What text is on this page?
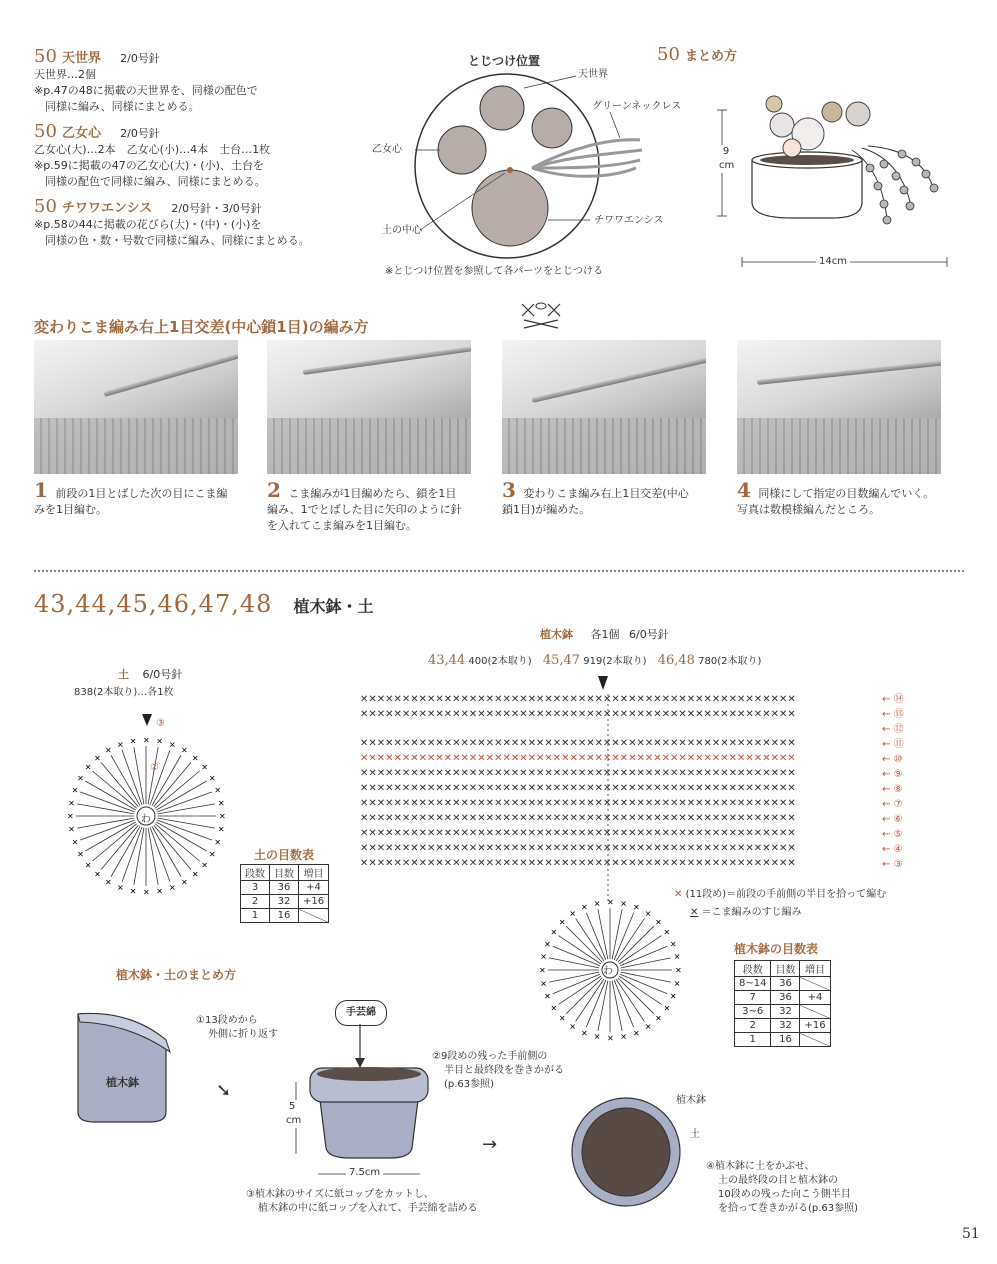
50 天世界 2/0号針
天世界…2個
※p.47の48に掲載の天世界を、同様の配色で
　同様に編み、同様にまとめる。
50 乙女心 2/0号針
乙女心(大)…2本　乙女心(小)…4本　土台…1枚
※p.59に掲載の47の乙女心(大)・(小)、土台を
　同様の配色で同様に編み、同様にまとめる。
50 チワワエンシス 2/0号針・3/0号針
※p.58の44に掲載の花びら(大)・(中)・(小)を
　同様の色・数・号数で同様に編み、同様にまとめる。
とじつけ位置
天世界
グリーンネックレス
乙女心
土の中心
チワワエンシス
※とじつけ位置を参照して各パーツをとじつける
50 まとめ方
9
cm
14cm
変わりこま編み右上1目交差(中心鎖1目)の編み方
1 前段の1目とばした次の目にこま編
みを1目編む。
2 こま編みが1目編めたら、鎖を1目
編み、1でとばした目に矢印のように針
を入れてこま編みを1目編む。
3 変わりこま編み右上1目交差(中心
鎖1目)が編めた。
4 同様にして指定の目数編んでいく。
写真は数模様編んだところ。
43,44,45,46,47,48 植木鉢・土
植木鉢 各1個 6/0号針
43,44 400(2本取り) 45,47 919(2本取り) 46,48 780(2本取り)
✕✕✕✕✕✕✕✕✕✕✕✕✕✕✕✕✕✕✕✕✕✕✕✕✕✕✕✕✕✕✕✕✕✕✕✕✕✕✕✕✕✕✕✕✕✕✕✕✕✕✕✕
✕✕✕✕✕✕✕✕✕✕✕✕✕✕✕✕✕✕✕✕✕✕✕✕✕✕✕✕✕✕✕✕✕✕✕✕✕✕✕✕✕✕✕✕✕✕✕✕✕✕✕✕
✕✕✕✕✕✕✕✕✕✕✕✕✕✕✕✕✕✕✕✕✕✕✕✕✕✕✕✕✕✕✕✕✕✕✕✕✕✕✕✕✕✕✕✕✕✕✕✕✕✕✕✕
✕✕✕✕✕✕✕✕✕✕✕✕✕✕✕✕✕✕✕✕✕✕✕✕✕✕✕✕✕✕✕✕✕✕✕✕✕✕✕✕✕✕✕✕✕✕✕✕✕✕✕✕
✕✕✕✕✕✕✕✕✕✕✕✕✕✕✕✕✕✕✕✕✕✕✕✕✕✕✕✕✕✕✕✕✕✕✕✕✕✕✕✕✕✕✕✕✕✕✕✕✕✕✕✕
✕✕✕✕✕✕✕✕✕✕✕✕✕✕✕✕✕✕✕✕✕✕✕✕✕✕✕✕✕✕✕✕✕✕✕✕✕✕✕✕✕✕✕✕✕✕✕✕✕✕✕✕
✕✕✕✕✕✕✕✕✕✕✕✕✕✕✕✕✕✕✕✕✕✕✕✕✕✕✕✕✕✕✕✕✕✕✕✕✕✕✕✕✕✕✕✕✕✕✕✕✕✕✕✕
✕✕✕✕✕✕✕✕✕✕✕✕✕✕✕✕✕✕✕✕✕✕✕✕✕✕✕✕✕✕✕✕✕✕✕✕✕✕✕✕✕✕✕✕✕✕✕✕✕✕✕✕
✕✕✕✕✕✕✕✕✕✕✕✕✕✕✕✕✕✕✕✕✕✕✕✕✕✕✕✕✕✕✕✕✕✕✕✕✕✕✕✕✕✕✕✕✕✕✕✕✕✕✕✕
✕✕✕✕✕✕✕✕✕✕✕✕✕✕✕✕✕✕✕✕✕✕✕✕✕✕✕✕✕✕✕✕✕✕✕✕✕✕✕✕✕✕✕✕✕✕✕✕✕✕✕✕
✕✕✕✕✕✕✕✕✕✕✕✕✕✕✕✕✕✕✕✕✕✕✕✕✕✕✕✕✕✕✕✕✕✕✕✕✕✕✕✕✕✕✕✕✕✕✕✕✕✕✕✕
← ⑭
← ⑬
← ⑫
← ⑪
← ⑩
← ⑨
← ⑧
← ⑦
← ⑥
← ⑤
← ④
← ③
✕ (11段め)＝前段の手前側の半目を拾って編む
✕ ＝こま編みのすじ編み
✕
✕
✕
✕
✕
✕
✕
✕
✕
✕
✕
✕
✕
✕
✕
✕
✕
✕
✕
✕
✕
✕
✕ ✕ ✕ ✕ ✕
✕
✕
✕
✕
✕
わ
植木鉢の目数表
段数	目数	増目
8~14	36	
7	36	+4
3~6	32	
2	32	+16
1	16	
土 6/0号針
838(2本取り)…各1枚
✕
✕
✕
✕
✕
✕
✕
✕
✕
✕
✕
✕
✕
✕
✕
✕
✕
✕
✕
✕
✕
✕
✕
✕
✕
✕ ✕ ✕ ✕ ✕
✕
✕
✕
✕
✕
✕
わ
③
②
土の目数表
段数	目数	増目
3	36	+4
2	32	+16
1	16	
植木鉢・土のまとめ方
植木鉢
①13段めから
外側に折り返す
➘
手芸綿
5
cm
7.5cm
②9段めの残った手前側の
半目と最終段を巻きかがる
(p.63参照)
③植木鉢のサイズに紙コップをカットし、
植木鉢の中に紙コップを入れて、手芸綿を詰める
→
植木鉢
土
④植木鉢に土をかぶせ、
土の最終段の目と植木鉢の
10段めの残った向こう側半目
を拾って巻きかがる(p.63参照)
51
